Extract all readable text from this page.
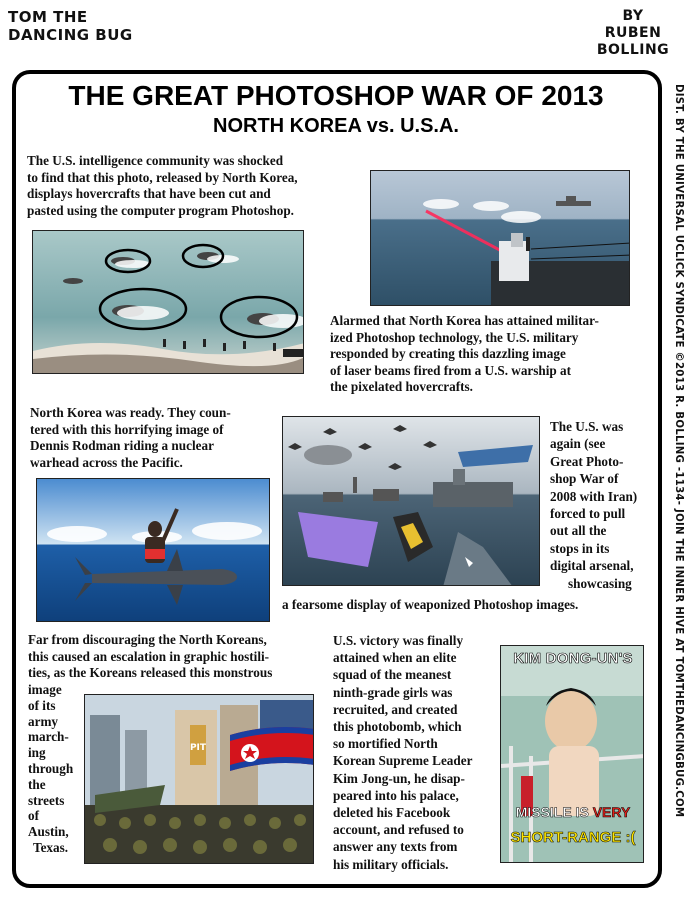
TOM THE
DANCING BUG
BY
RUBEN
BOLLING
DIST. BY THE UNIVERSAL UCLICK SYNDICATE ©2013 R. BOLLING -1134- JOIN THE INNER HIVE AT TOMTHEDANCINGBUG.COM
THE GREAT PHOTOSHOP WAR OF 2013
NORTH KOREA vs. U.S.A.
The U.S. intelligence community was shocked
to find that this photo, released by North Korea,
displays hovercrafts that have been cut and
pasted using the computer program Photoshop.
Alarmed that North Korea has attained militar-
ized Photoshop technology, the U.S. military
responded by creating this dazzling image
of laser beams fired from a U.S. warship at
the pixelated hovercrafts.
North Korea was ready. They coun-
tered with this horrifying image of
Dennis Rodman riding a nuclear
warhead across the Pacific.
The U.S. was
again (see
Great Photo-
shop War of
2008 with Iran)
forced to pull
out all the
stops in its
digital arsenal,
showcasing
a fearsome display of weaponized Photoshop images.
Far from discouraging the North Koreans,
this caused an escalation in graphic hostili-
ties, as the Koreans released this monstrous
image
of its
army
march-
ing
through
the
streets
of
Austin,
Texas.
PIT
U.S. victory was finally
attained when an elite
squad of the meanest
ninth-grade girls was
recruited, and created
this photobomb, which
so mortified North
Korean Supreme Leader
Kim Jong-un, he disap-
peared into his palace,
deleted his Facebook
account, and refused to
answer any texts from
his military officials.
KIM DONG-UN'S
MISSILE IS VERY
SHORT-RANGE :(
